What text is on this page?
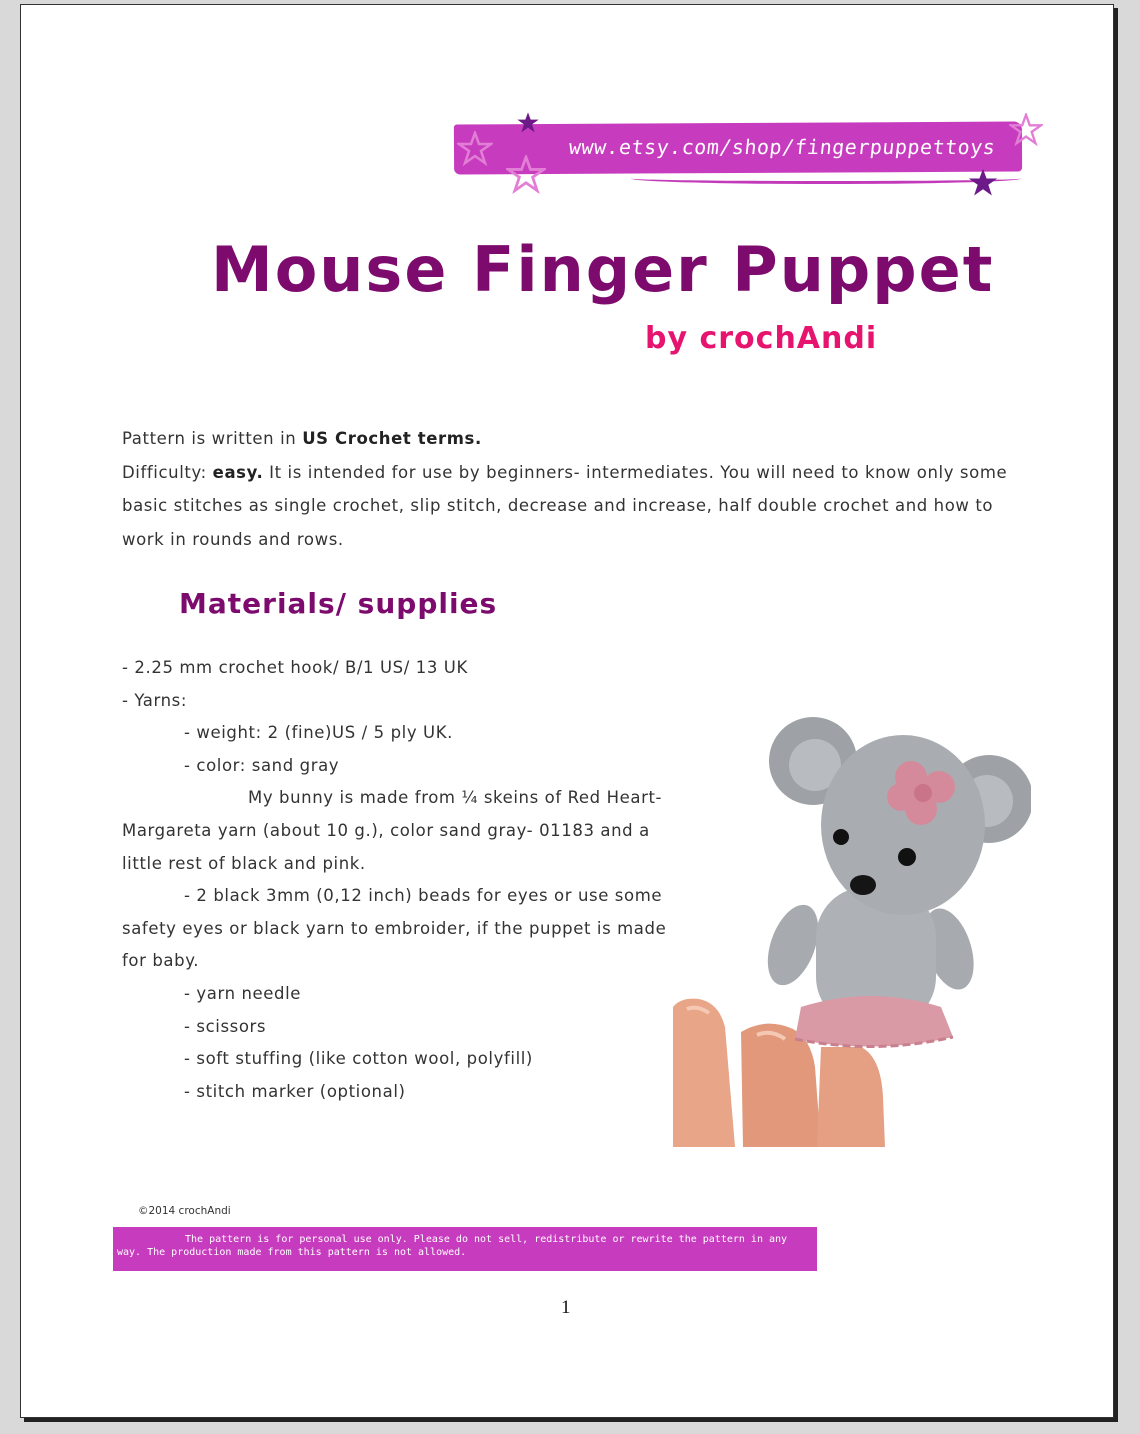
www.etsy.com/shop/fingerpuppettoys
Mouse Finger Puppet
by crochAndi

Pattern is written in US Crochet terms.
Difficulty: easy. It is intended for use by beginners- intermediates. You will need to know only some basic stitches as single crochet, slip stitch, decrease and increase, half double crochet and how to work in rounds and rows.

Materials/ supplies
- 2.25 mm crochet hook/ B/1 US/ 13 UK
- Yarns:
- weight: 2 (fine)US / 5 ply UK.
- color: sand gray
My bunny is made from ¼ skeins of Red Heart- Margareta yarn (about 10 g.), color sand gray- 01183 and a little rest of black and pink.
- 2 black 3mm (0,12 inch) beads for eyes or use some safety eyes or black yarn to embroider, if the puppet is made for baby.
- yarn needle
- scissors
- soft stuffing (like cotton wool, polyfill)
- stitch marker (optional)
©2014 crochAndi
The pattern is for personal use only. Please do not sell, redistribute or rewrite the pattern in any way. The production made from this pattern is not allowed.
1
